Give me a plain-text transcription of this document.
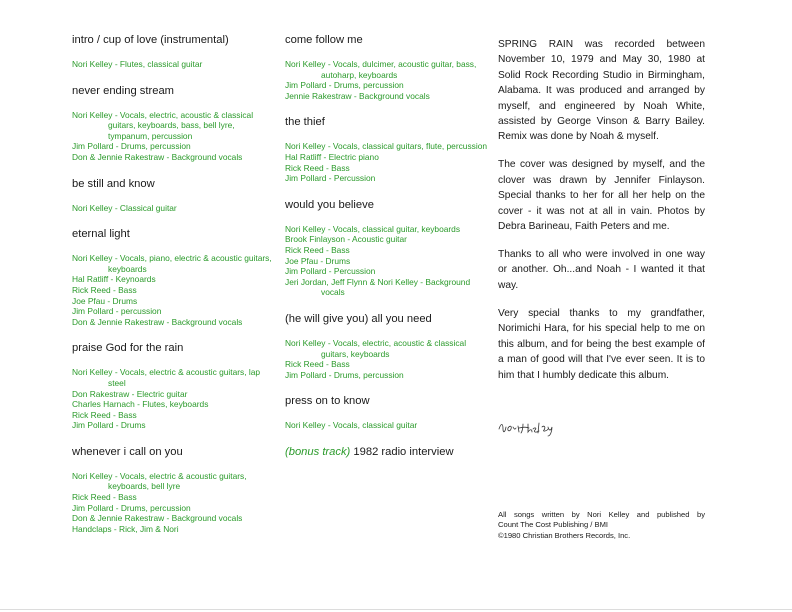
intro / cup of love (instrumental)
Nori Kelley - Flutes, classical guitar
never ending stream
Nori Kelley - Vocals, electric, acoustic & classical guitars, keyboards, bass, bell lyre, tympanum, percussion
Jim Pollard - Drums, percussion
Don & Jennie Rakestraw - Background vocals
be still and know
Nori Kelley - Classical guitar
eternal light
Nori Kelley - Vocals, piano, electric & acoustic guitars, keyboards
Hal Ratliff - Keynoards
Rick Reed - Bass
Joe Pfau - Drums
Jim Pollard - percussion
Don & Jennie Rakestraw - Background vocals
praise God for the rain
Nori Kelley - Vocals, electric & acoustic guitars, lap steel
Don Rakestraw - Electric guitar
Charles Harnach - Flutes, keyboards
Rick Reed - Bass
Jim Pollard - Drums
whenever i call on you
Nori Kelley - Vocals, electric & acoustic guitars, keyboards, bell lyre
Rick Reed - Bass
Jim Pollard - Drums, percussion
Don & Jennie Rakestraw - Background vocals
Handclaps - Rick, Jim & Nori
come follow me
Nori Kelley - Vocals, dulcimer, acoustic guitar, bass, autoharp, keyboards
Jim Pollard - Drums, percussion
Jennie Rakestraw - Background vocals
the thief
Nori Kelley - Vocals, classical guitars, flute, percussion
Hal Ratliff - Electric piano
Rick Reed - Bass
Jim Pollard - Percussion
would you believe
Nori Kelley - Vocals, classical guitar, keyboards
Brook Finlayson - Acoustic guitar
Rick Reed - Bass
Joe Pfau - Drums
Jim Pollard - Percussion
Jeri Jordan, Jeff Flynn & Nori Kelley - Background vocals
(he will give you) all you need
Nori Kelley - Vocals, electric, acoustic & classical guitars, keyboards
Rick Reed - Bass
Jim Pollard - Drums, percussion
press on to know
Nori Kelley - Vocals, classical guitar
(bonus track) 1982 radio interview

SPRING RAIN was recorded between November 10, 1979 and May 30, 1980 at Solid Rock Recording Studio in Birmingham, Alabama. It was produced and arranged by myself, and engineered by Noah White, assisted by George Vinson & Barry Bailey. Remix was done by Noah & myself.

The cover was designed by myself, and the clover was drawn by Jennifer Finlayson. Special thanks to her for all her help on the cover - it was not at all in vain. Photos by Debra Barineau, Faith Peters and me.

Thanks to all who were involved in one way or another. Oh...and Noah - I wanted it that way.

Very special thanks to my grandfather, Norimichi Hara, for his special help to me on this album, and for being the best example of a man of good will that I've ever seen. It is to him that I humbly dedicate this album.

All songs written by Nori Kelley and published by
Count The Cost Publishing / BMI
©1980 Christian Brothers Records, Inc.
